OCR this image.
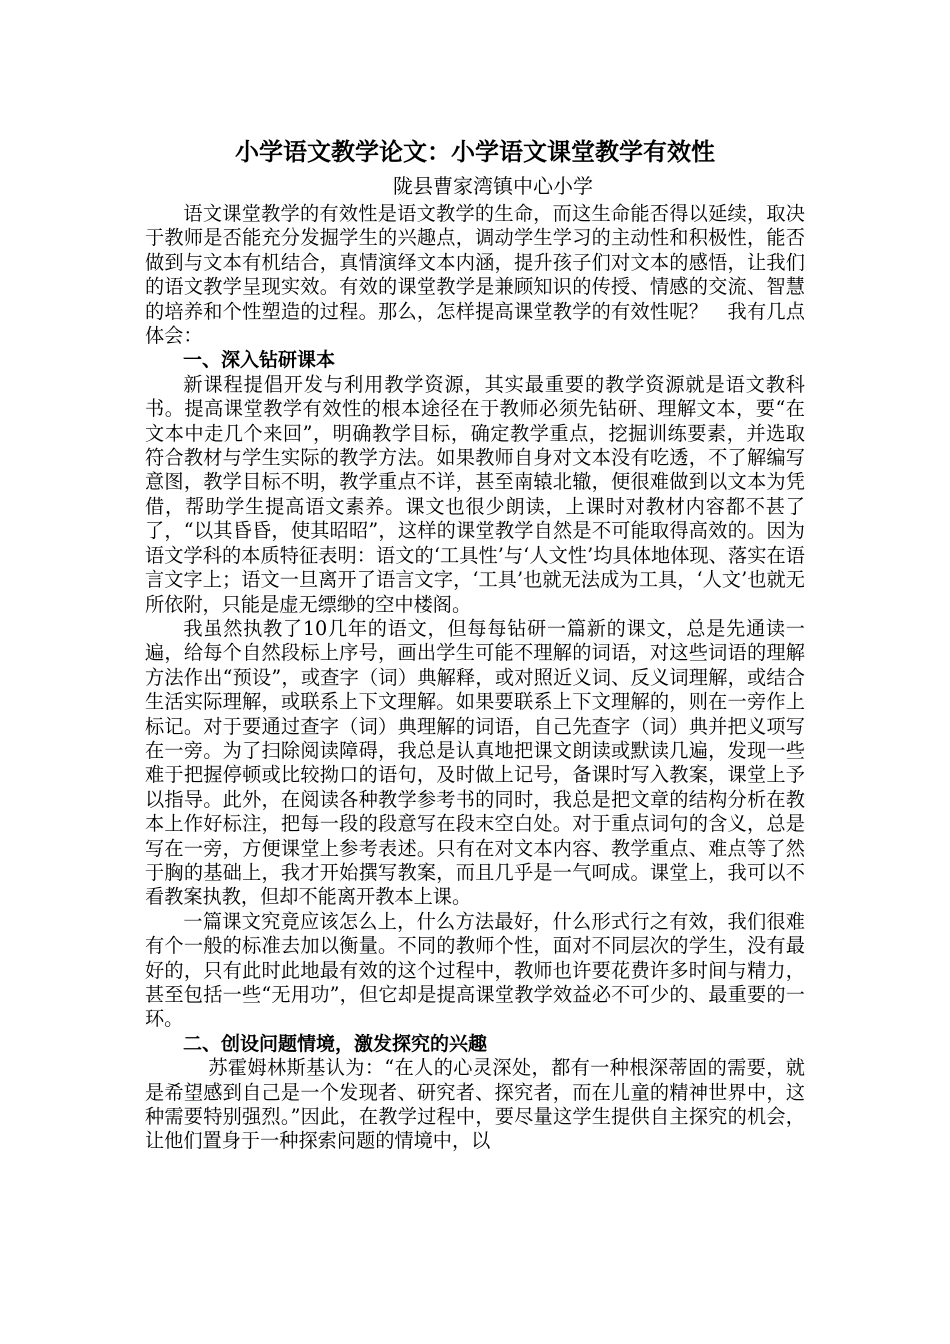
小学语文教学论文：小学语文课堂教学有效性

陇县曹家湾镇中心小学

语文课堂教学的有效性是语文教学的生命，而这生命能否得以延续，取决于教师是否能充分发掘学生的兴趣点，调动学生学习的主动性和积极性，能否做到与文本有机结合，真情演绎文本内涵，提升孩子们对文本的感悟，让我们的语文教学呈现实效。有效的课堂教学是兼顾知识的传授、情感的交流、智慧的培养和个性塑造的过程。那么，怎样提高课堂教学的有效性呢？　我有几点体会：

一、深入钻研课本

新课程提倡开发与利用教学资源，其实最重要的教学资源就是语文教科书。提高课堂教学有效性的根本途径在于教师必须先钻研、理解文本，要“在文本中走几个来回”，明确教学目标，确定教学重点，挖掘训练要素，并选取符合教材与学生实际的教学方法。如果教师自身对文本没有吃透，不了解编写意图，教学目标不明，教学重点不详，甚至南辕北辙，便很难做到以文本为凭借，帮助学生提高语文素养。课文也很少朗读，上课时对教材内容都不甚了了，“以其昏昏，使其昭昭”，这样的课堂教学自然是不可能取得高效的。因为语文学科的本质特征表明：语文的‘工具性’与‘人文性’均具体地体现、落实在语言文字上；语文一旦离开了语言文字，‘工具’也就无法成为工具，‘人文’也就无所依附，只能是虚无缥缈的空中楼阁。

我虽然执教了10几年的语文，但每每钻研一篇新的课文，总是先通读一遍，给每个自然段标上序号，画出学生可能不理解的词语，对这些词语的理解方法作出“预设”，或查字（词）典解释，或对照近义词、反义词理解，或结合生活实际理解，或联系上下文理解。如果要联系上下文理解的，则在一旁作上标记。对于要通过查字（词）典理解的词语，自己先查字（词）典并把义项写在一旁。为了扫除阅读障碍，我总是认真地把课文朗读或默读几遍，发现一些难于把握停顿或比较拗口的语句，及时做上记号，备课时写入教案，课堂上予以指导。此外，在阅读各种教学参考书的同时，我总是把文章的结构分析在教本上作好标注，把每一段的段意写在段末空白处。对于重点词句的含义，总是写在一旁，方便课堂上参考表述。只有在对文本内容、教学重点、难点等了然于胸的基础上，我才开始撰写教案，而且几乎是一气呵成。课堂上，我可以不看教案执教，但却不能离开教本上课。

一篇课文究竟应该怎么上，什么方法最好，什么形式行之有效，我们很难有个一般的标准去加以衡量。不同的教师个性，面对不同层次的学生，没有最好的，只有此时此地最有效的这个过程中，教师也许要花费许多时间与精力，甚至包括一些“无用功”，但它却是提高课堂教学效益必不可少的、最重要的一环。

二、创设问题情境，激发探究的兴趣

苏霍姆林斯基认为：“在人的心灵深处，都有一种根深蒂固的需要，就是希望感到自己是一个发现者、研究者、探究者，而在儿童的精神世界中，这种需要特别强烈。”因此，在教学过程中，要尽量这学生提供自主探究的机会，让他们置身于一种探索问题的情境中，以
